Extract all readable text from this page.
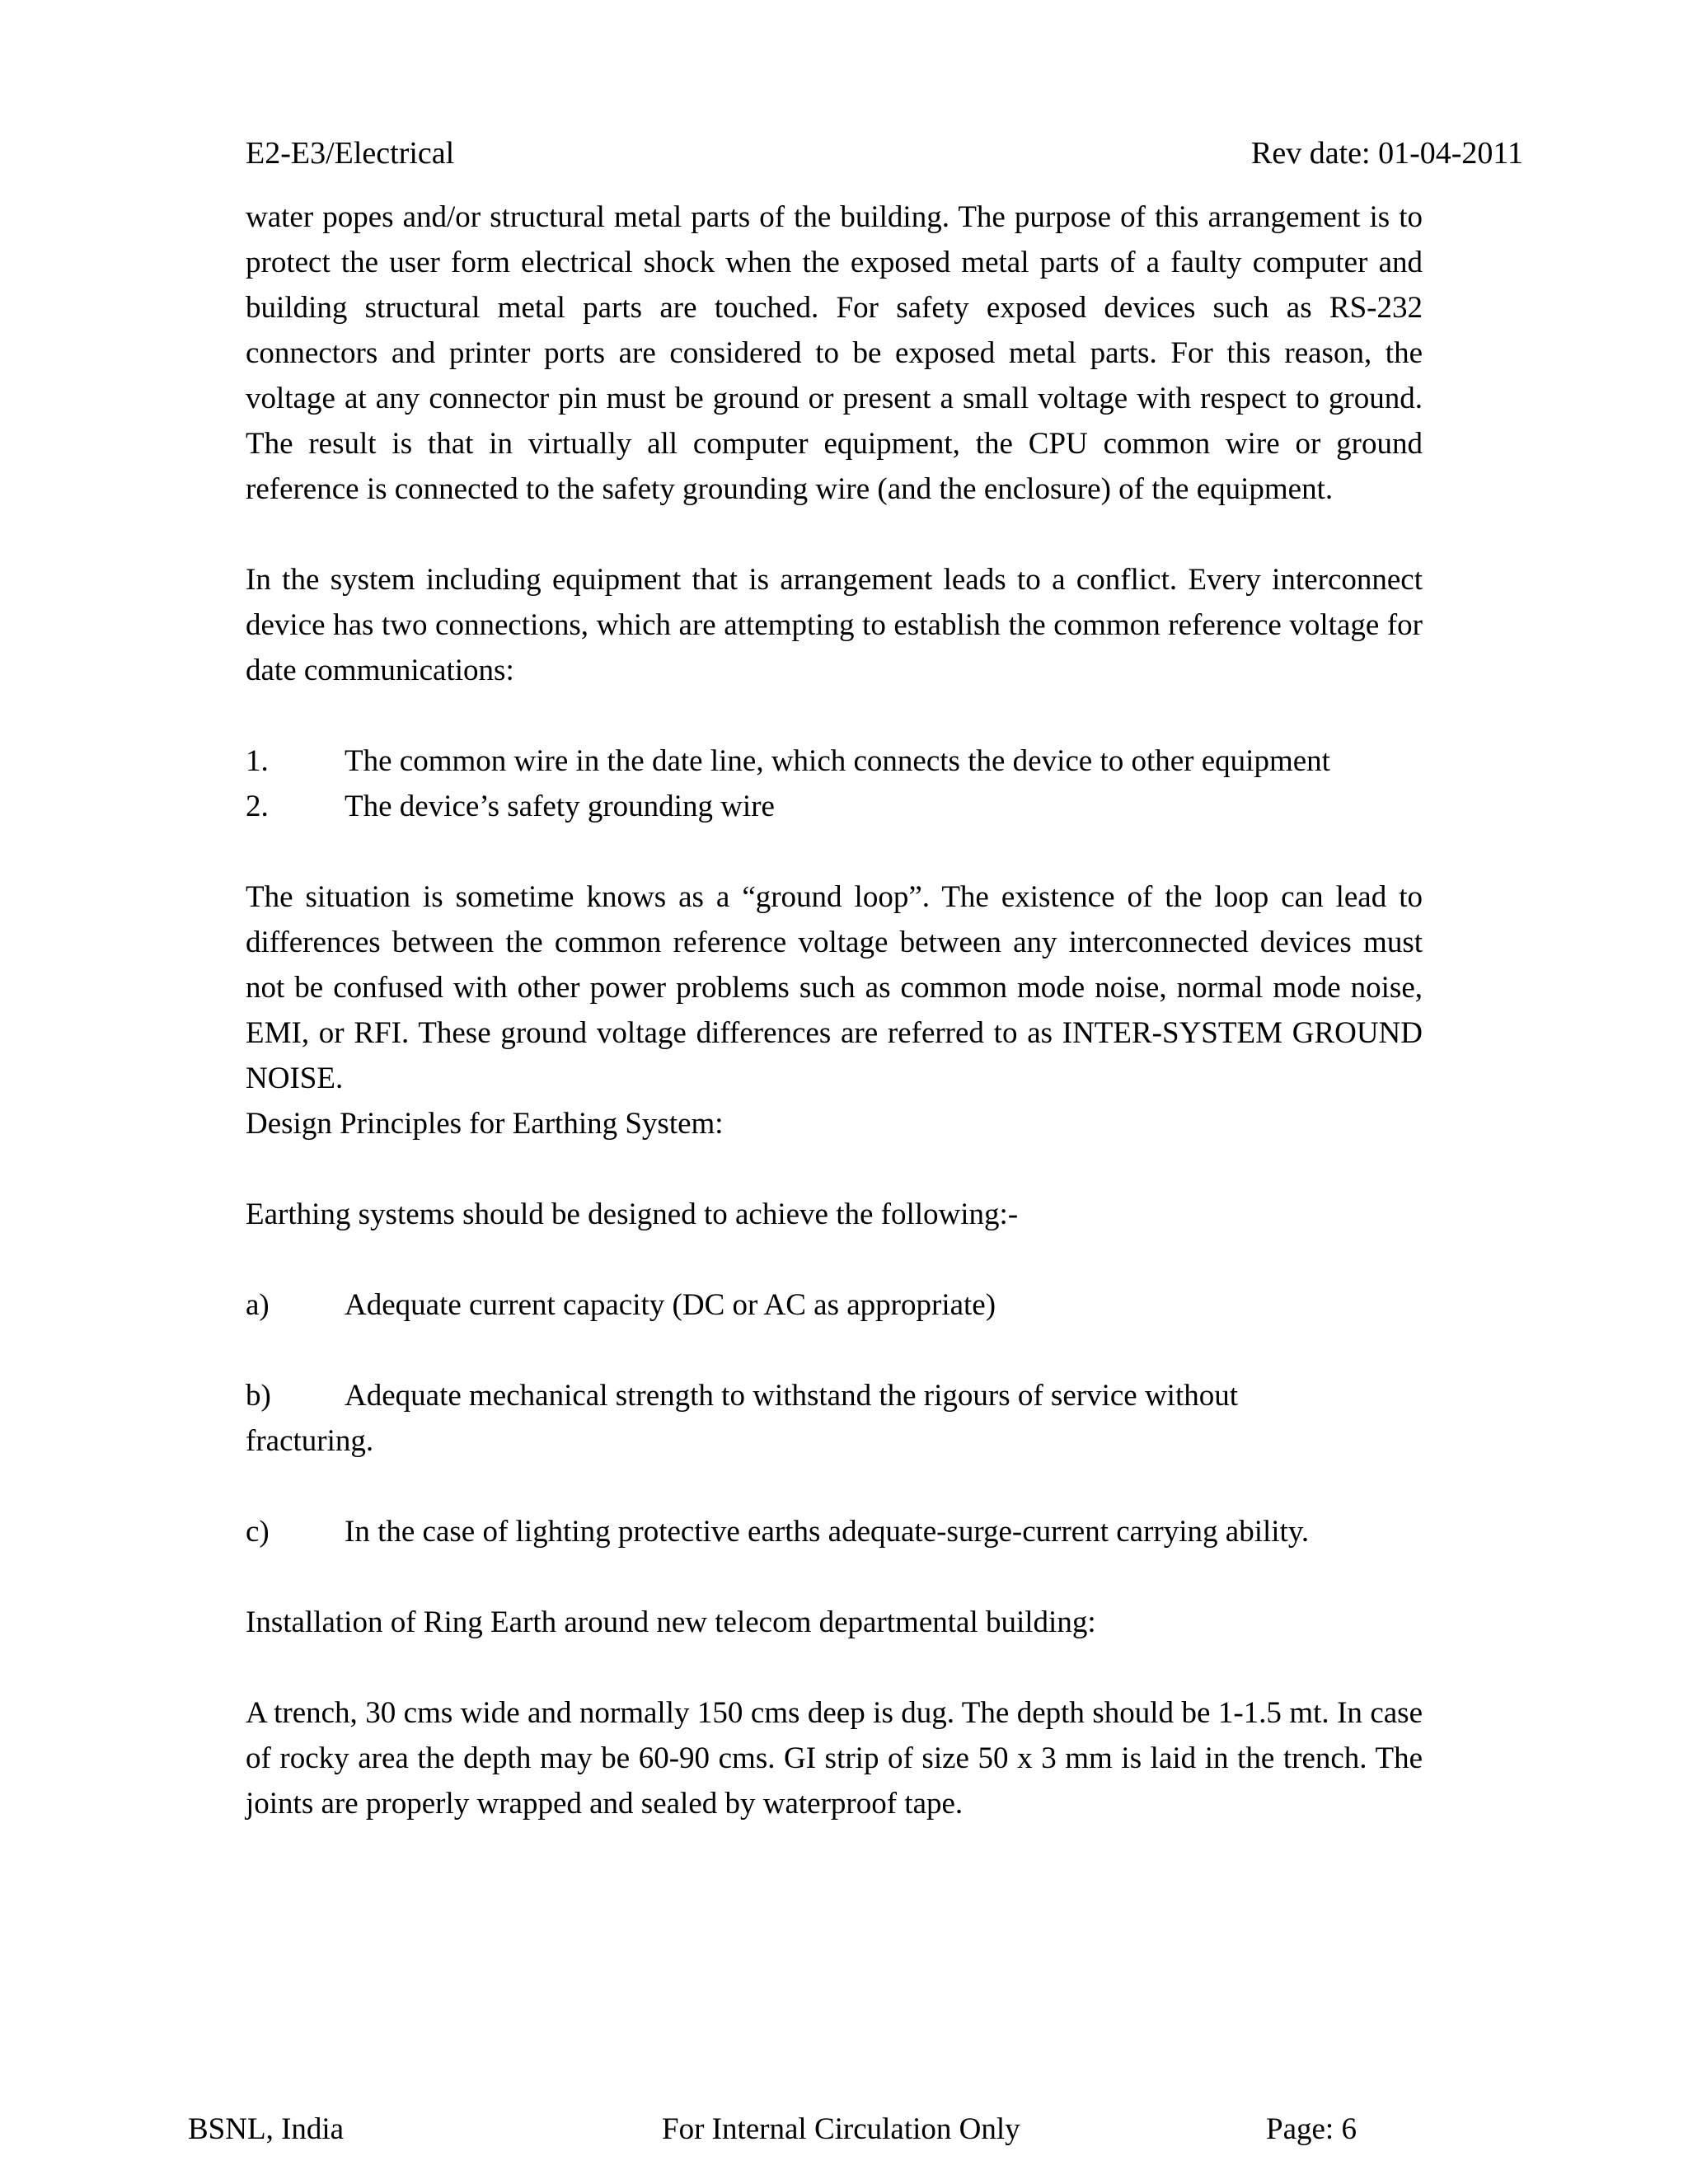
E2-E3/Electrical	Rev date: 01-04-2011

water popes and/or structural metal parts of the building. The purpose of this arrangement is to protect the user form electrical shock when the exposed metal parts of a faulty computer and building structural metal parts are touched. For safety exposed devices such as RS-232 connectors and printer ports are considered to be exposed metal parts. For this reason, the voltage at any connector pin must be ground or present a small voltage with respect to ground. The result is that in virtually all computer equipment, the CPU common wire or ground reference is connected to the safety grounding wire (and the enclosure) of the equipment.

In the system including equipment that is arrangement leads to a conflict. Every interconnect device has two connections, which are attempting to establish the common reference voltage for date communications:

1. The common wire in the date line, which connects the device to other equipment
2. The device’s safety grounding wire

The situation is sometime knows as a “ground loop”. The existence of the loop can lead to differences between the common reference voltage between any interconnected devices must not be confused with other power problems such as common mode noise, normal mode noise, EMI, or RFI. These ground voltage differences are referred to as INTER-SYSTEM GROUND NOISE.

Design Principles for Earthing System:

Earthing systems should be designed to achieve the following:-

a) Adequate current capacity (DC or AC as appropriate)
b) Adequate mechanical strength to withstand the rigours of service without
fracturing.
c) In the case of lighting protective earths adequate-surge-current carrying ability.

Installation of Ring Earth around new telecom departmental building:

A trench, 30 cms wide and normally 150 cms deep is dug. The depth should be 1-1.5 mt. In case of rocky area the depth may be 60-90 cms. GI strip of size 50 x 3 mm is laid in the trench. The joints are properly wrapped and sealed by waterproof tape.

BSNL, India	For Internal Circulation Only	Page: 6
